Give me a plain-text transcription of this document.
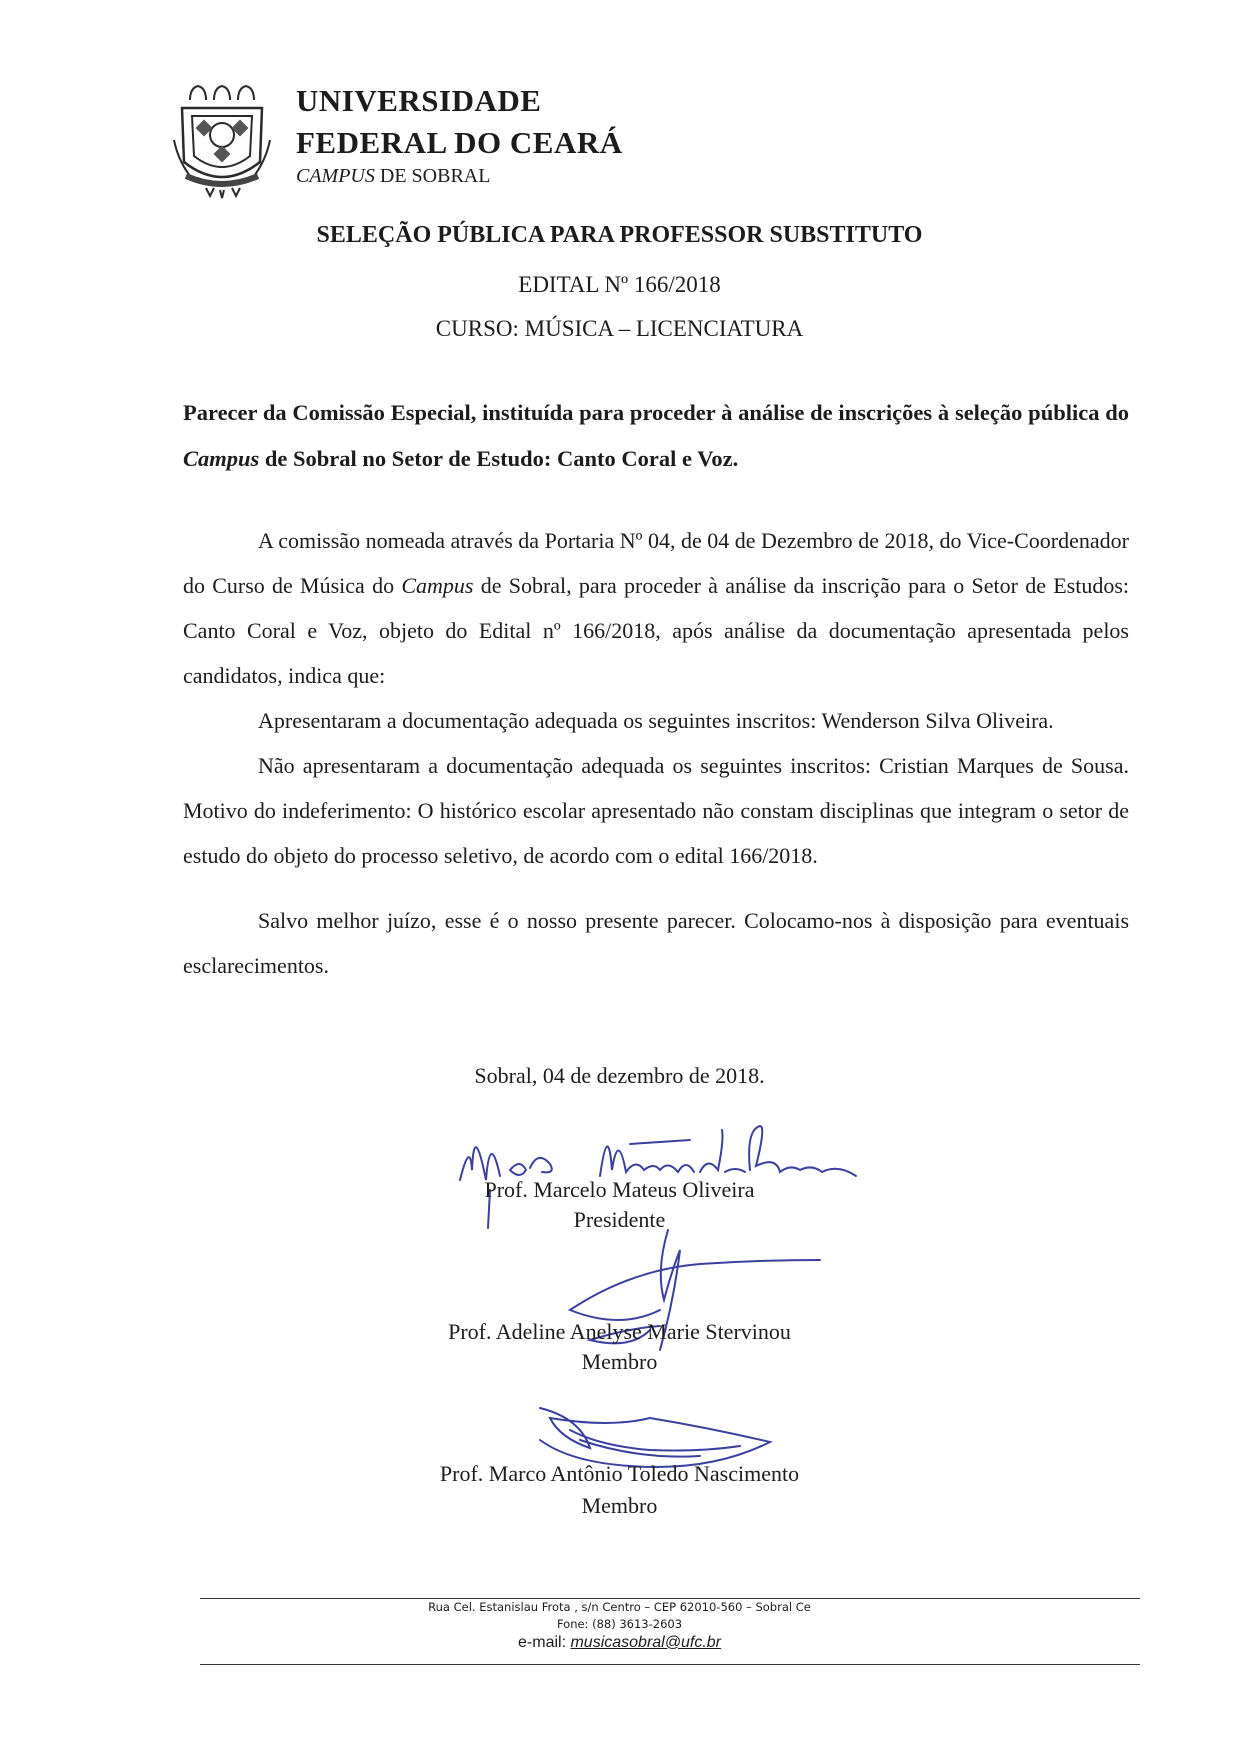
UNIVERSIDADE
FEDERAL DO CEARÁ
CAMPUS DE SOBRAL
SELEÇÃO PÚBLICA PARA PROFESSOR SUBSTITUTO
EDITAL Nº 166/2018
CURSO: MÚSICA – LICENCIATURA
Parecer da Comissão Especial, instituída para proceder à análise de inscrições à seleção pública do Campus de Sobral no Setor de Estudo: Canto Coral e Voz.

A comissão nomeada através da Portaria Nº 04, de 04 de Dezembro de 2018, do Vice-Coordenador do Curso de Música do Campus de Sobral, para proceder à análise da inscrição para o Setor de Estudos: Canto Coral e Voz, objeto do Edital nº 166/2018, após análise da documentação apresentada pelos candidatos, indica que:

Apresentaram a documentação adequada os seguintes inscritos: Wenderson Silva Oliveira.

Não apresentaram a documentação adequada os seguintes inscritos: Cristian Marques de Sousa. Motivo do indeferimento: O histórico escolar apresentado não constam disciplinas que integram o setor de estudo do objeto do processo seletivo, de acordo com o edital 166/2018.

Salvo melhor juízo, esse é o nosso presente parecer. Colocamo-nos à disposição para eventuais esclarecimentos.

Sobral, 04 de dezembro de 2018.
Prof. Marcelo Mateus Oliveira
Presidente
Prof. Adeline Anelyse Marie Stervinou
Membro
Prof. Marco Antônio Toledo Nascimento
Membro
Rua Cel. Estanislau Frota , s/n Centro – CEP 62010-560 – Sobral Ce
Fone: (88) 3613-2603
e-mail: musicasobral@ufc.br
